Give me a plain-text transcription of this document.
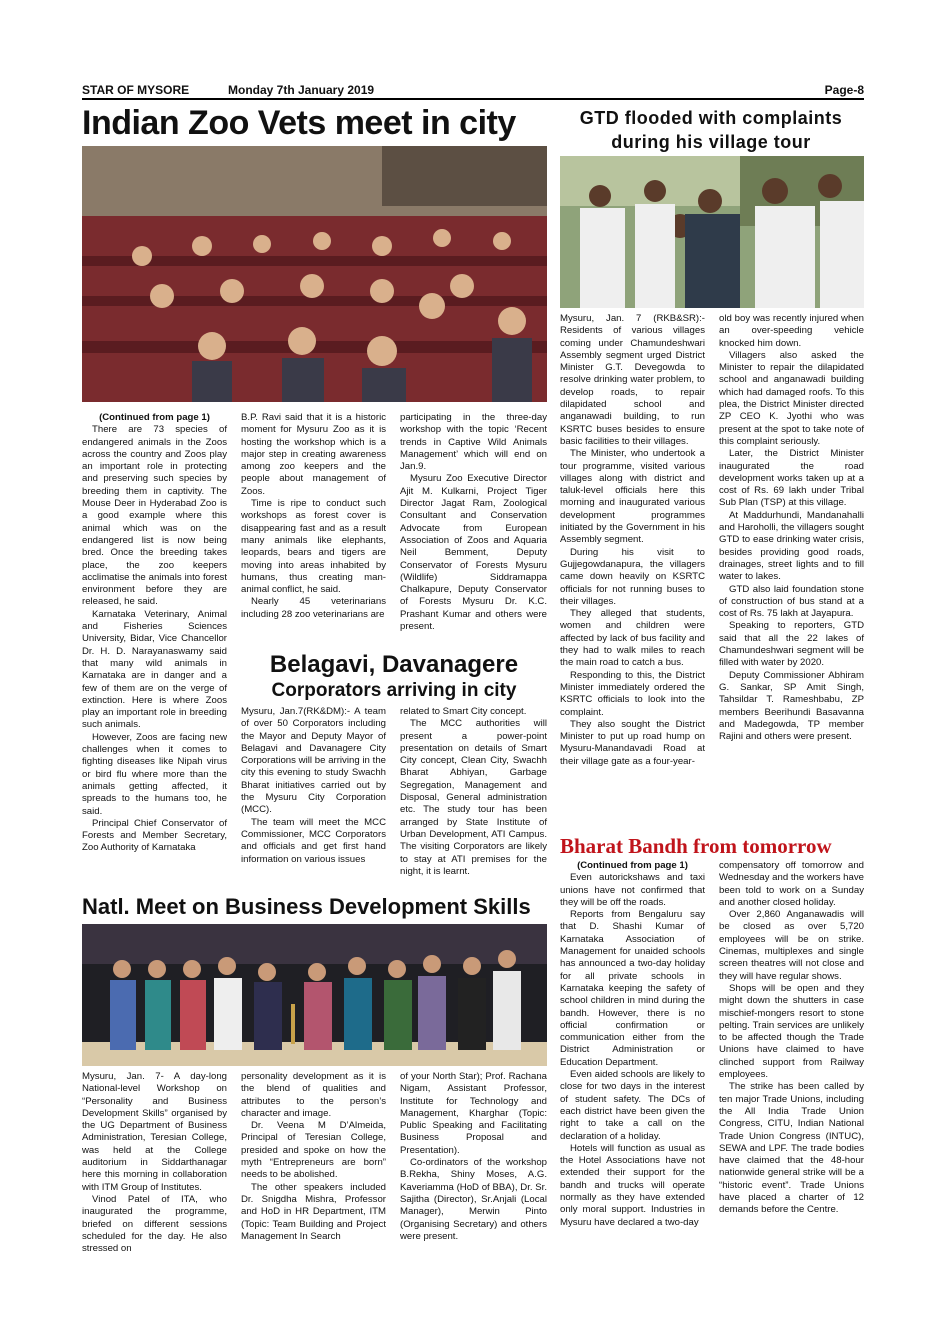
STAR OF MYSORE	Monday 7th January 2019	Page-8
Indian Zoo Vets meet in city

(Continued from page 1)

There are 73 species of endangered animals in the Zoos across the country and Zoos play an important role in protecting and preserving such species by breeding them in captivity. The Mouse Deer in Hyderabad Zoo is a good example where this animal which was on the endangered list is now being bred. Once the breeding takes place, the zoo keepers acclimatise the animals into forest environment before they are released, he said.

Karnataka Veterinary, Animal and Fisheries Sciences University, Bidar, Vice Chancellor Dr. H. D. Narayanaswamy said that many wild animals in Karnataka are in danger and a few of them are on the verge of extinction. Here is where Zoos play an important role in breeding such animals.

However, Zoos are facing new challenges when it comes to fighting diseases like Nipah virus or bird flu where more than the animals getting affected, it spreads to the humans too, he said.

Principal Chief Conservator of Forests and Member Secretary, Zoo Authority of Karnataka

B.P. Ravi said that it is a historic moment for Mysuru Zoo as it is hosting the workshop which is a major step in creating awareness among zoo keepers and the people about management of Zoos.

Time is ripe to conduct such workshops as forest cover is disappearing fast and as a result many animals like elephants, leopards, bears and tigers are moving into areas inhabited by humans, thus creating man-animal conflict, he said.

Nearly 45 veterinarians including 28 zoo veterinarians are

participating in the three-day workshop with the topic ‘Recent trends in Captive Wild Animals Management’ which will end on Jan.9.

Mysuru Zoo Executive Director Ajit M. Kulkarni, Project Tiger Director Jagat Ram, Zoological Consultant and Conservation Advocate from European Association of Zoos and Aquaria Neil Bemment, Deputy Conservator of Forests Mysuru (Wildlife) Siddramappa Chalkapure, Deputy Conservator of Forests Mysuru Dr. K.C. Prashant Kumar and others were present.

Belagavi, Davanagere
Corporators arriving in city

Mysuru, Jan.7(RK&DM):- A team of over 50 Corporators including the Mayor and Deputy Mayor of Belagavi and Davanagere City Corporations will be arriving in the city this evening to study Swachh Bharat initiatives carried out by the Mysuru City Corporation (MCC).

The team will meet the MCC Commissioner, MCC Corporators and officials and get first hand information on various issues

related to Smart City concept.

The MCC authorities will present a power-point presentation on details of Smart City concept, Clean City, Swachh Bharat Abhiyan, Garbage Segregation, Management and Disposal, General administration etc. The study tour has been arranged by State Institute of Urban Development, ATI Campus. The visiting Corporators are likely to stay at ATI premises for the night, it is learnt.

GTD flooded with complaints
during his village tour

Mysuru, Jan. 7 (RKB&SR):- Residents of various villages coming under Chamundeshwari Assembly segment urged District Minister G.T. Devegowda to resolve drinking water problem, to develop roads, to repair dilapidated school and anganawadi building, to run KSRTC buses besides to ensure basic facilities to their villages.

The Minister, who undertook a tour programme, visited various villages along with district and taluk-level officials here this morning and inaugurated various development programmes initiated by the Government in his Assembly segment.

During his visit to Gujjegowdanapura, the villagers came down heavily on KSRTC officials for not running buses to their villages.

They alleged that students, women and children were affected by lack of bus facility and they had to walk miles to reach the main road to catch a bus.

Responding to this, the District Minister immediately ordered the KSRTC officials to look into the complaint.

They also sought the District Minister to put up road hump on Mysuru-Manandavadi Road at their village gate as a four-year-

old boy was recently injured when an over-speeding vehicle knocked him down.

Villagers also asked the Minister to repair the dilapidated school and anganawadi building which had damaged roofs. To this plea, the District Minister directed ZP CEO K. Jyothi who was present at the spot to take note of this complaint seriously.

Later, the District Minister inaugurated the road development works taken up at a cost of Rs. 69 lakh under Tribal Sub Plan (TSP) at this village.

At Maddurhundi, Mandanahalli and Haroholli, the villagers sought GTD to ease drinking water crisis, besides providing good roads, drainages, street lights and to fill water to lakes.

GTD also laid foundation stone of construction of bus stand at a cost of Rs. 75 lakh at Jayapura.

Speaking to reporters, GTD said that all the 22 lakes of Chamundeshwari segment will be filled with water by 2020.

Deputy Commissioner Abhiram G. Sankar, SP Amit Singh, Tahsildar T. Rameshbabu, ZP members Beerihundi Basavanna and Madegowda, TP member Rajini and others were present.

Bharat Bandh from tomorrow

(Continued from page 1)

Even autorickshaws and taxi unions have not confirmed that they will be off the roads.

Reports from Bengaluru say that D. Shashi Kumar of Karnataka Association of Management for unaided schools has announced a two-day holiday for all private schools in Karnataka keeping the safety of school children in mind during the bandh. However, there is no official confirmation or communication either from the District Administration or Education Department.

Even aided schools are likely to close for two days in the interest of student safety. The DCs of each district have been given the right to take a call on the declaration of a holiday.

Hotels will function as usual as the Hotel Associations have not extended their support for the bandh and trucks will operate normally as they have extended only moral support. Industries in Mysuru have declared a two-day

compensatory off tomorrow and Wednesday and the workers have been told to work on a Sunday and another closed holiday.

Over 2,860 Anganawadis will be closed as over 5,720 employees will be on strike. Cinemas, multiplexes and single screen theatres will not close and they will have regular shows.

Shops will be open and they might down the shutters in case mischief-mongers resort to stone pelting. Train services are unlikely to be affected though the Trade Unions have claimed to have clinched support from Railway employees.

The strike has been called by ten major Trade Unions, including the All India Trade Union Congress, CITU, Indian National Trade Union Congress (INTUC), SEWA and LPF. The trade bodies have claimed that the 48-hour nationwide general strike will be a “historic event”. Trade Unions have placed a charter of 12 demands before the Centre.

Natl. Meet on Business Development Skills

Mysuru, Jan. 7- A day-long National-level Workshop on “Personality and Business Development Skills” organised by the UG Department of Business Administration, Teresian College, was held at the College auditorium in Siddarthanagar here this morning in collaboration with ITM Group of Institutes.

Vinod Patel of ITA, who inaugurated the programme, briefed on different sessions scheduled for the day. He also stressed on

personality development as it is the blend of qualities and attributes to the person’s character and image.

Dr. Veena M D’Almeida, Principal of Teresian College, presided and spoke on how the myth “Entrepreneurs are born” needs to be abolished.

The other speakers included Dr. Snigdha Mishra, Professor and HoD in HR Department, ITM (Topic: Team Building and Project Management In Search

of your North Star); Prof. Rachana Nigam, Assistant Professor, Institute for Technology and Management, Kharghar (Topic: Public Speaking and Facilitating Business Proposal and Presentation).

Co-ordinators of the workshop B.Rekha, Shiny Moses, A.G. Kaveriamma (HoD of BBA), Dr. Sr. Sajitha (Director), Sr.Anjali (Local Manager), Merwin Pinto (Organising Secretary) and others were present.
